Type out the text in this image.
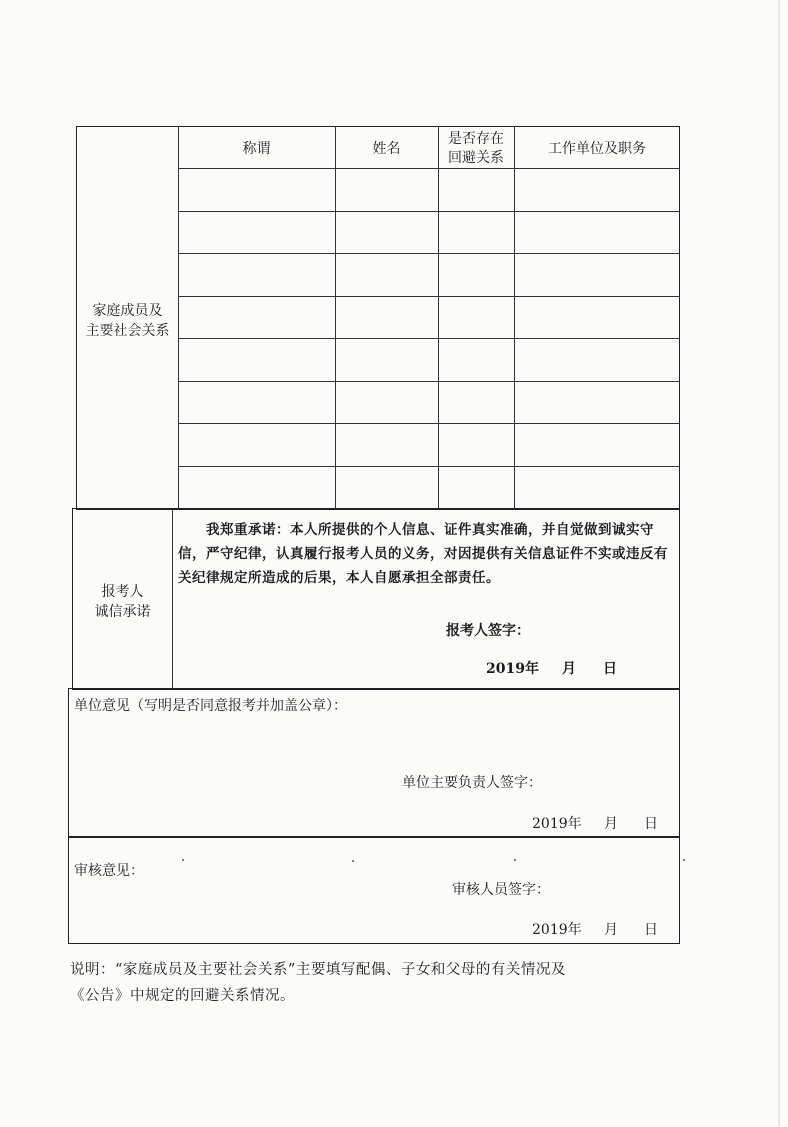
家庭成员及
主要社会关系
称谓	姓名
是否存在
回避关系
工作单位及职务
报考人
诚信承诺
我郑重承诺：本人所提供的个人信息、证件真实准确，并自觉做到诚实守信，严守纪律，认真履行报考人员的义务，对因提供有关信息证件不实或违反有关纪律规定所造成的后果，本人自愿承担全部责任。
报考人签字：
2019年 月 日
单位意见（写明是否同意报考并加盖公章）：
单位主要负责人签字：
2019年 月 日
审核意见：
审核人员签字：
2019年 月 日
说明：“家庭成员及主要社会关系”主要填写配偶、子女和父母的有关情况及
《公告》中规定的回避关系情况。
